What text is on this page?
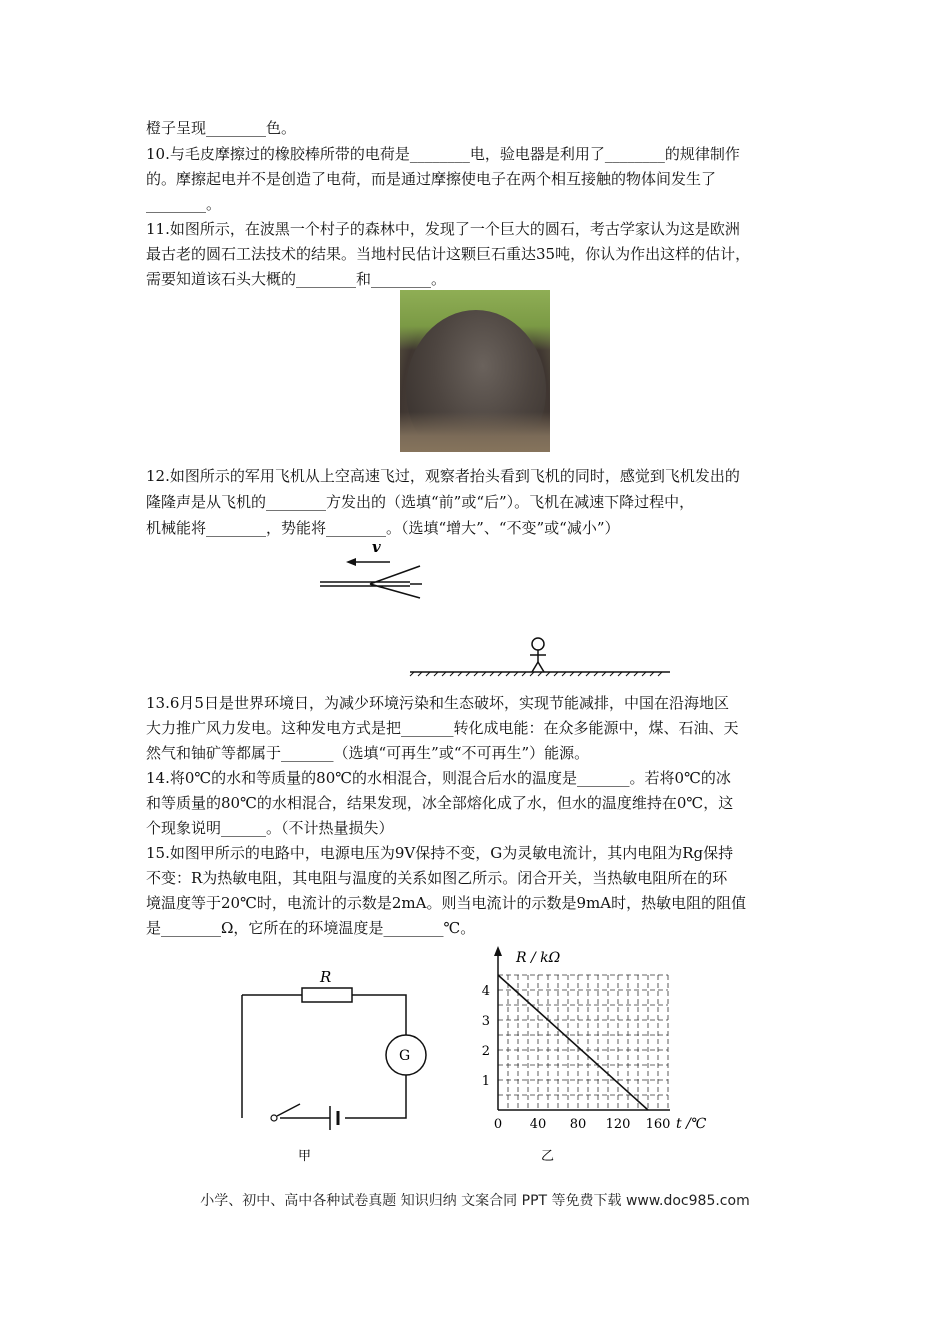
橙子呈现________色。
10.与毛皮摩擦过的橡胶棒所带的电荷是________电，验电器是利用了________的规律制作
的。摩擦起电并不是创造了电荷，而是通过摩擦使电子在两个相互接触的物体间发生了
________。
11.如图所示，在波黑一个村子的森林中，发现了一个巨大的圆石，考古学家认为这是欧洲
最古老的圆石工法技术的结果。当地村民估计这颗巨石重达35吨，你认为作出这样的估计，
需要知道该石头大概的________和________。
12.如图所示的军用飞机从上空高速飞过，观察者抬头看到飞机的同时，感觉到飞机发出的
隆隆声是从飞机的________方发出的（选填“前”或“后”）。飞机在减速下降过程中，
机械能将________，势能将________。（选填“增大”、“不变”或“减小”）
v
13.6月5日是世界环境日，为减少环境污染和生态破坏，实现节能减排，中国在沿海地区
大力推广风力发电。这种发电方式是把_______转化成电能：在众多能源中，煤、石油、天
然气和铀矿等都属于_______（选填“可再生”或“不可再生”）能源。
14.将0℃的水和等质量的80℃的水相混合，则混合后水的温度是_______。若将0℃的冰
和等质量的80℃的水相混合，结果发现，冰全部熔化成了水，但水的温度维持在0℃，这
个现象说明______。（不计热量损失）
15.如图甲所示的电路中，电源电压为9V保持不变，G为灵敏电流计，其内电阻为Rg保持
不变：R为热敏电阻，其电阻与温度的关系如图乙所示。闭合开关，当热敏电阻所在的环
境温度等于20℃时，电流计的示数是2mA。则当电流计的示数是9mA时，热敏电阻的阻值
是________Ω，它所在的环境温度是________℃。
R
G
甲
R / kΩ
t /℃
0 40 80 120 160
1
2
3
4
乙
小学、初中、高中各种试卷真题 知识归纳 文案合同 PPT 等免费下载 www.doc985.com
